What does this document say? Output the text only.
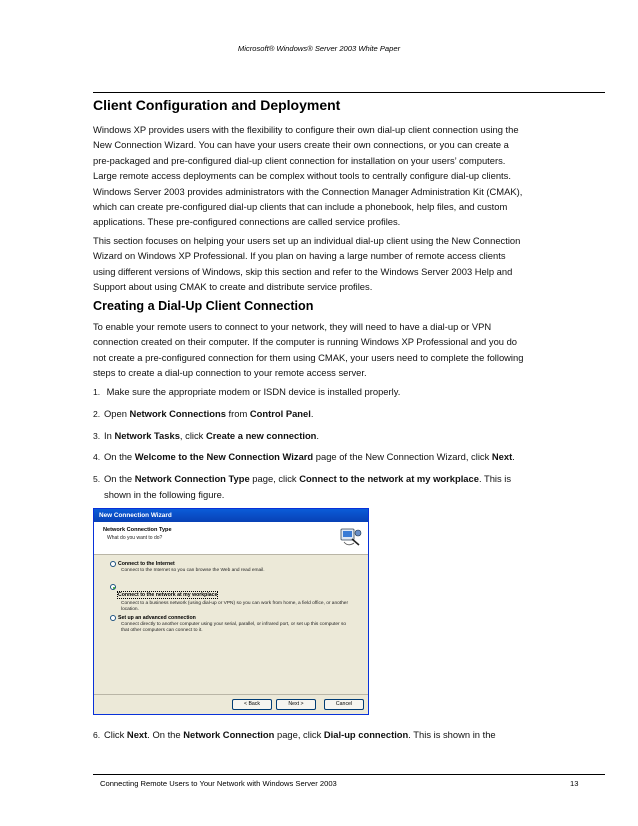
Microsoft® Windows® Server 2003 White Paper
Client Configuration and Deployment
Windows XP provides users with the flexibility to configure their own dial-up client connection using the
New Connection Wizard. You can have your users create their own connections, or you can create a
pre-packaged and pre-configured dial-up client connection for installation on your users’ computers.
Large remote access deployments can be complex without tools to centrally configure dial-up clients.
Windows Server 2003 provides administrators with the Connection Manager Administration Kit (CMAK),
which can create pre-configured dial-up clients that can include a phonebook, help files, and custom
applications. These pre-configured connections are called service profiles.
This section focuses on helping your users set up an individual dial-up client using the New Connection
Wizard on Windows XP Professional. If you plan on having a large number of remote access clients
using different versions of Windows, skip this section and refer to the Windows Server 2003 Help and
Support about using CMAK to create and distribute service profiles.
Creating a Dial-Up Client Connection
To enable your remote users to connect to your network, they will need to have a dial-up or VPN
connection created on their computer. If the computer is running Windows XP Professional and you do
not create a pre-configured connection for them using CMAK, your users need to complete the following
steps to create a dial-up connection to your remote access server.
1. Make sure the appropriate modem or ISDN device is installed properly.
2. Open Network Connections from Control Panel.
3. In Network Tasks, click Create a new connection.
4. On the Welcome to the New Connection Wizard page of the New Connection Wizard, click Next.
5. On the Network Connection Type page, click Connect to the network at my workplace. This is
shown in the following figure.
New Connection Wizard
Network Connection Type
What do you want to do?
Connect to the Internet
Connect to the Internet so you can browse the Web and read email.
Connect to the network at my workplace
Connect to a business network (using dial-up or VPN) so you can work from home, a field office, or another location.
Set up an advanced connection
Connect directly to another computer using your serial, parallel, or infrared port, or set up this computer so that other computers can connect to it.
< Back	Next >	Cancel
6. Click Next. On the Network Connection page, click Dial-up connection. This is shown in the
Connecting Remote Users to Your Network with Windows Server 2003	13
